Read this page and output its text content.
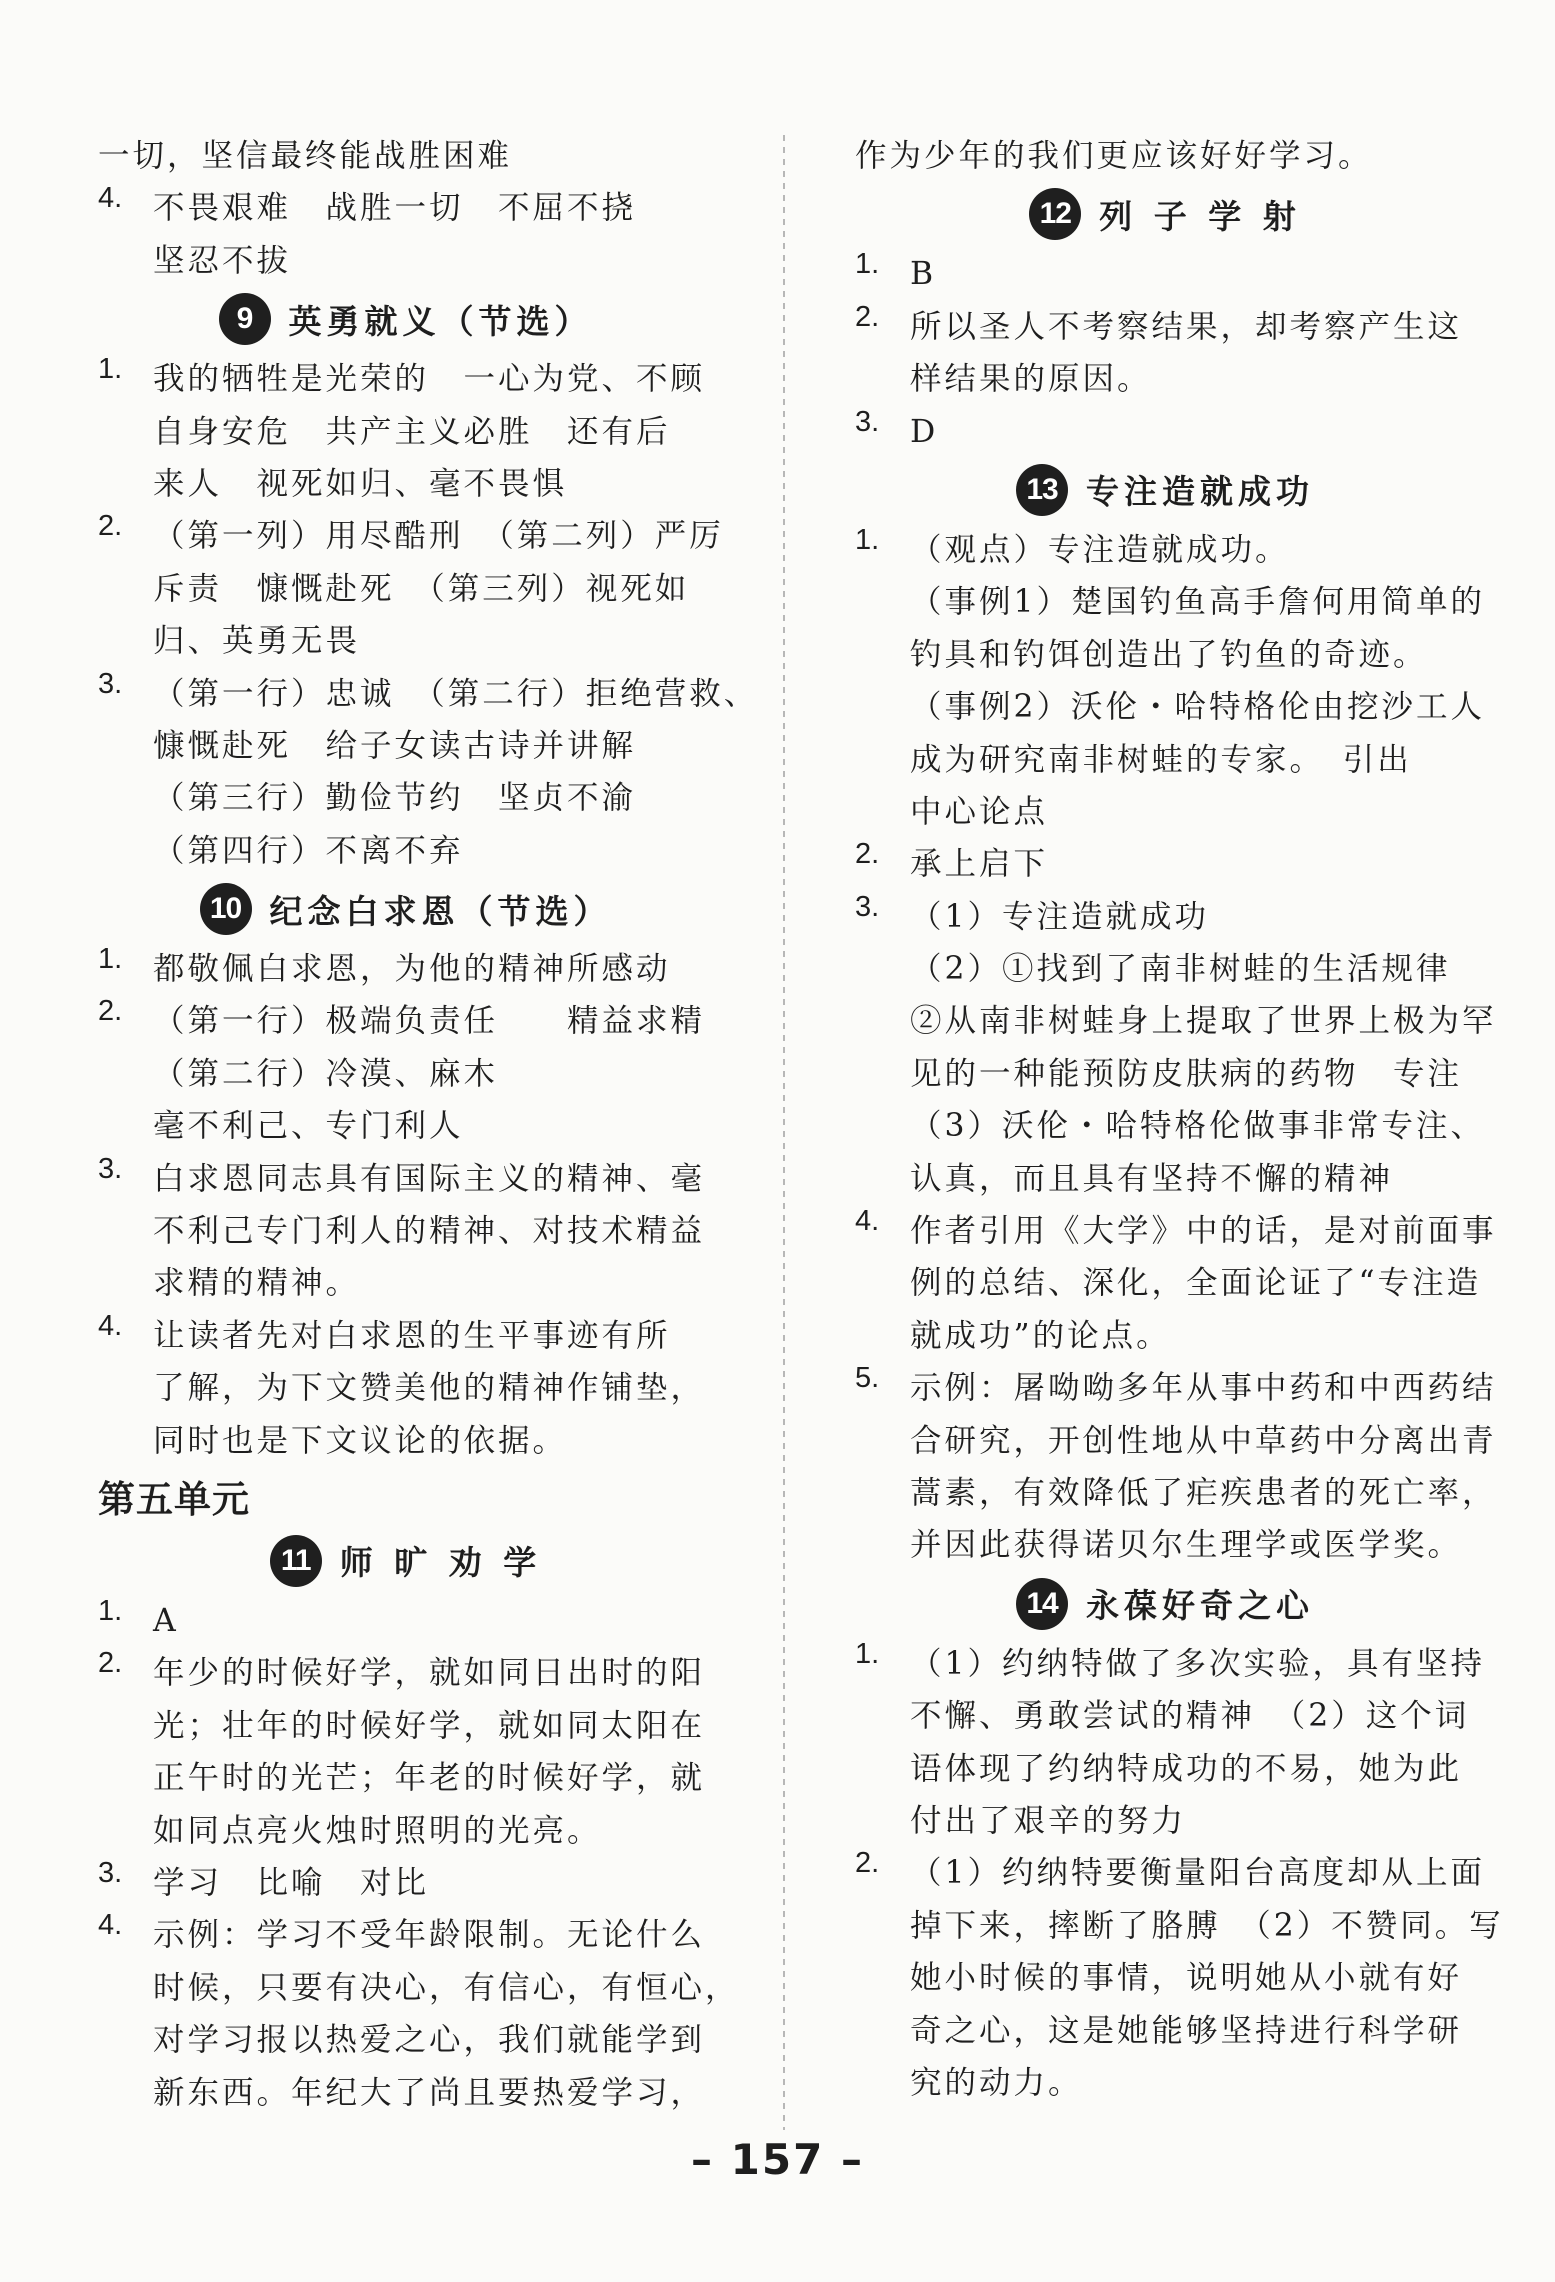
一切，坚信最终能战胜困难
4. 不畏艰难　战胜一切　不屈不挠
坚忍不拔
9	英勇就义（节选）
1. 我的牺牲是光荣的　一心为党、不顾
自身安危　共产主义必胜　还有后
来人　视死如归、毫不畏惧
2. （第一列）用尽酷刑　（第二列）严厉
斥责　慷慨赴死　（第三列）视死如
归、英勇无畏
3. （第一行）忠诚　（第二行）拒绝营救、
慷慨赴死　给子女读古诗并讲解
（第三行）勤俭节约　坚贞不渝
（第四行）不离不弃
10 纪念白求恩（节选）
1. 都敬佩白求恩，为他的精神所感动
2. （第一行）极端负责任　　精益求精
（第二行）冷漠、麻木
毫不利己、专门利人
3. 白求恩同志具有国际主义的精神、毫
不利己专门利人的精神、对技术精益
求精的精神。
4. 让读者先对白求恩的生平事迹有所
了解，为下文赞美他的精神作铺垫，
同时也是下文议论的依据。
第五单元
11 师 旷 劝 学
1. A
2. 年少的时候好学，就如同日出时的阳
光；壮年的时候好学，就如同太阳在
正午时的光芒；年老的时候好学，就
如同点亮火烛时照明的光亮。
3. 学习　比喻　对比
4. 示例：学习不受年龄限制。无论什么
时候，只要有决心，有信心，有恒心，
对学习报以热爱之心，我们就能学到
新东西。年纪大了尚且要热爱学习，
作为少年的我们更应该好好学习。
12 列 子 学 射
1. B
2. 所以圣人不考察结果，却考察产生这
样结果的原因。
3. D
13 专注造就成功
1. （观点）专注造就成功。
（事例1）楚国钓鱼高手詹何用简单的
钓具和钓饵创造出了钓鱼的奇迹。
（事例2）沃伦・哈特格伦由挖沙工人
成为研究南非树蛙的专家。　引出
中心论点
2. 承上启下
3. （1）专注造就成功
（2）①找到了南非树蛙的生活规律
②从南非树蛙身上提取了世界上极为罕
见的一种能预防皮肤病的药物　专注
（3）沃伦・哈特格伦做事非常专注、
认真，而且具有坚持不懈的精神
4. 作者引用《大学》中的话，是对前面事
例的总结、深化，全面论证了“专注造
就成功”的论点。
5. 示例：屠呦呦多年从事中药和中西药结
合研究，开创性地从中草药中分离出青
蒿素，有效降低了疟疾患者的死亡率，
并因此获得诺贝尔生理学或医学奖。
14 永葆好奇之心
1. （1）约纳特做了多次实验，具有坚持
不懈、勇敢尝试的精神　（2）这个词
语体现了约纳特成功的不易，她为此
付出了艰辛的努力
2. （1）约纳特要衡量阳台高度却从上面
掉下来，摔断了胳膊　（2）不赞同。写
她小时候的事情，说明她从小就有好
奇之心，这是她能够坚持进行科学研
究的动力。
– 157 –
